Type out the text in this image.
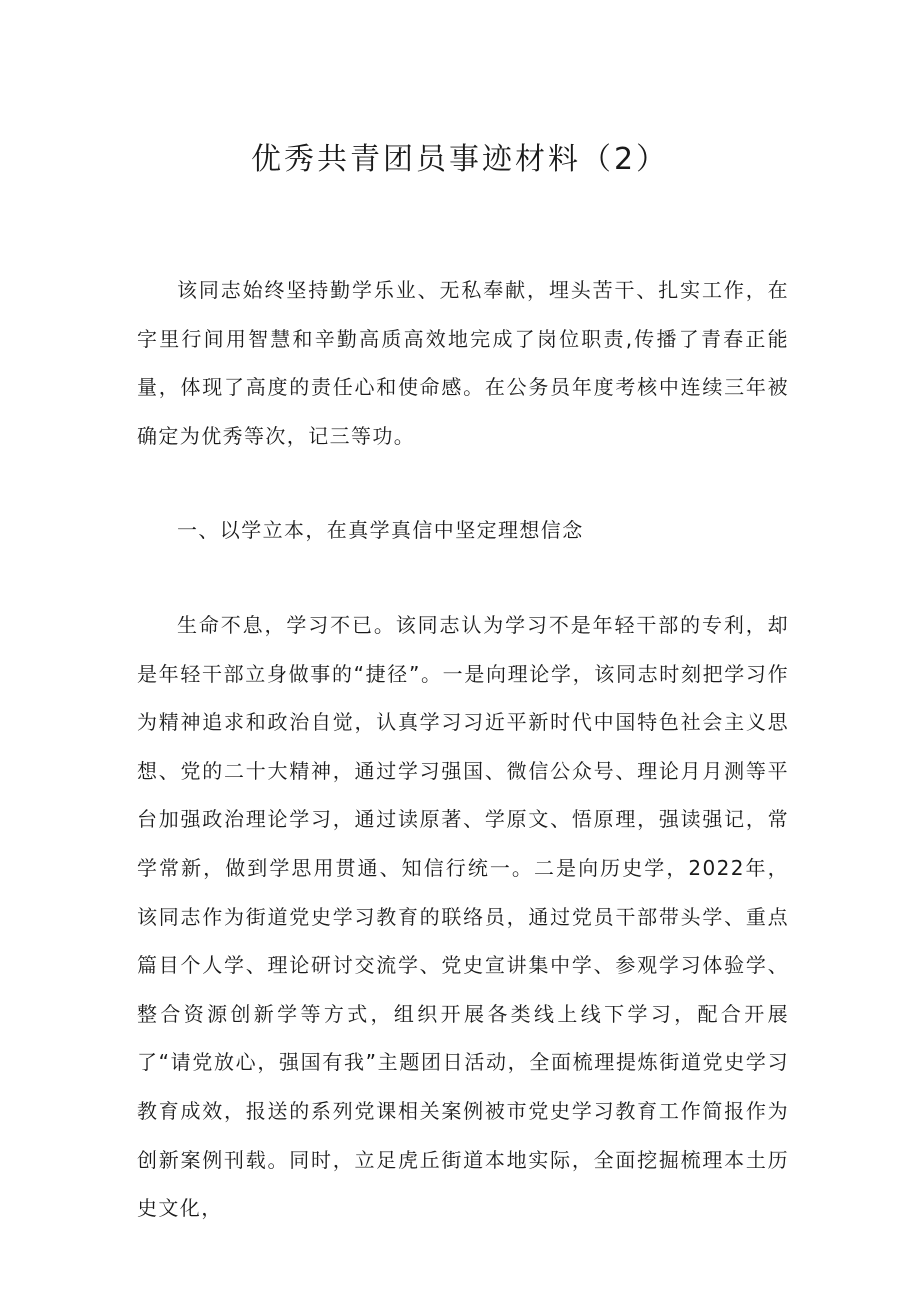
优秀共青团员事迹材料（2）

该同志始终坚持勤学乐业、无私奉献，埋头苦干、扎实工作，在字里行间用智慧和辛勤高质高效地完成了岗位职责,传播了青春正能量，体现了高度的责任心和使命感。在公务员年度考核中连续三年被确定为优秀等次，记三等功。

一、以学立本，在真学真信中坚定理想信念

生命不息，学习不已。该同志认为学习不是年轻干部的专利，却是年轻干部立身做事的“捷径”。一是向理论学，该同志时刻把学习作为精神追求和政治自觉，认真学习习近平新时代中国特色社会主义思想、党的二十大精神，通过学习强国、微信公众号、理论月月测等平台加强政治理论学习，通过读原著、学原文、悟原理，强读强记，常学常新，做到学思用贯通、知信行统一。二是向历史学，2022年，该同志作为街道党史学习教育的联络员，通过党员干部带头学、重点篇目个人学、理论研讨交流学、党史宣讲集中学、参观学习体验学、整合资源创新学等方式，组织开展各类线上线下学习，配合开展了“请党放心，强国有我”主题团日活动，全面梳理提炼街道党史学习教育成效，报送的系列党课相关案例被市党史学习教育工作简报作为创新案例刊载。同时，立足虎丘街道本地实际，全面挖掘梳理本土历史文化，
